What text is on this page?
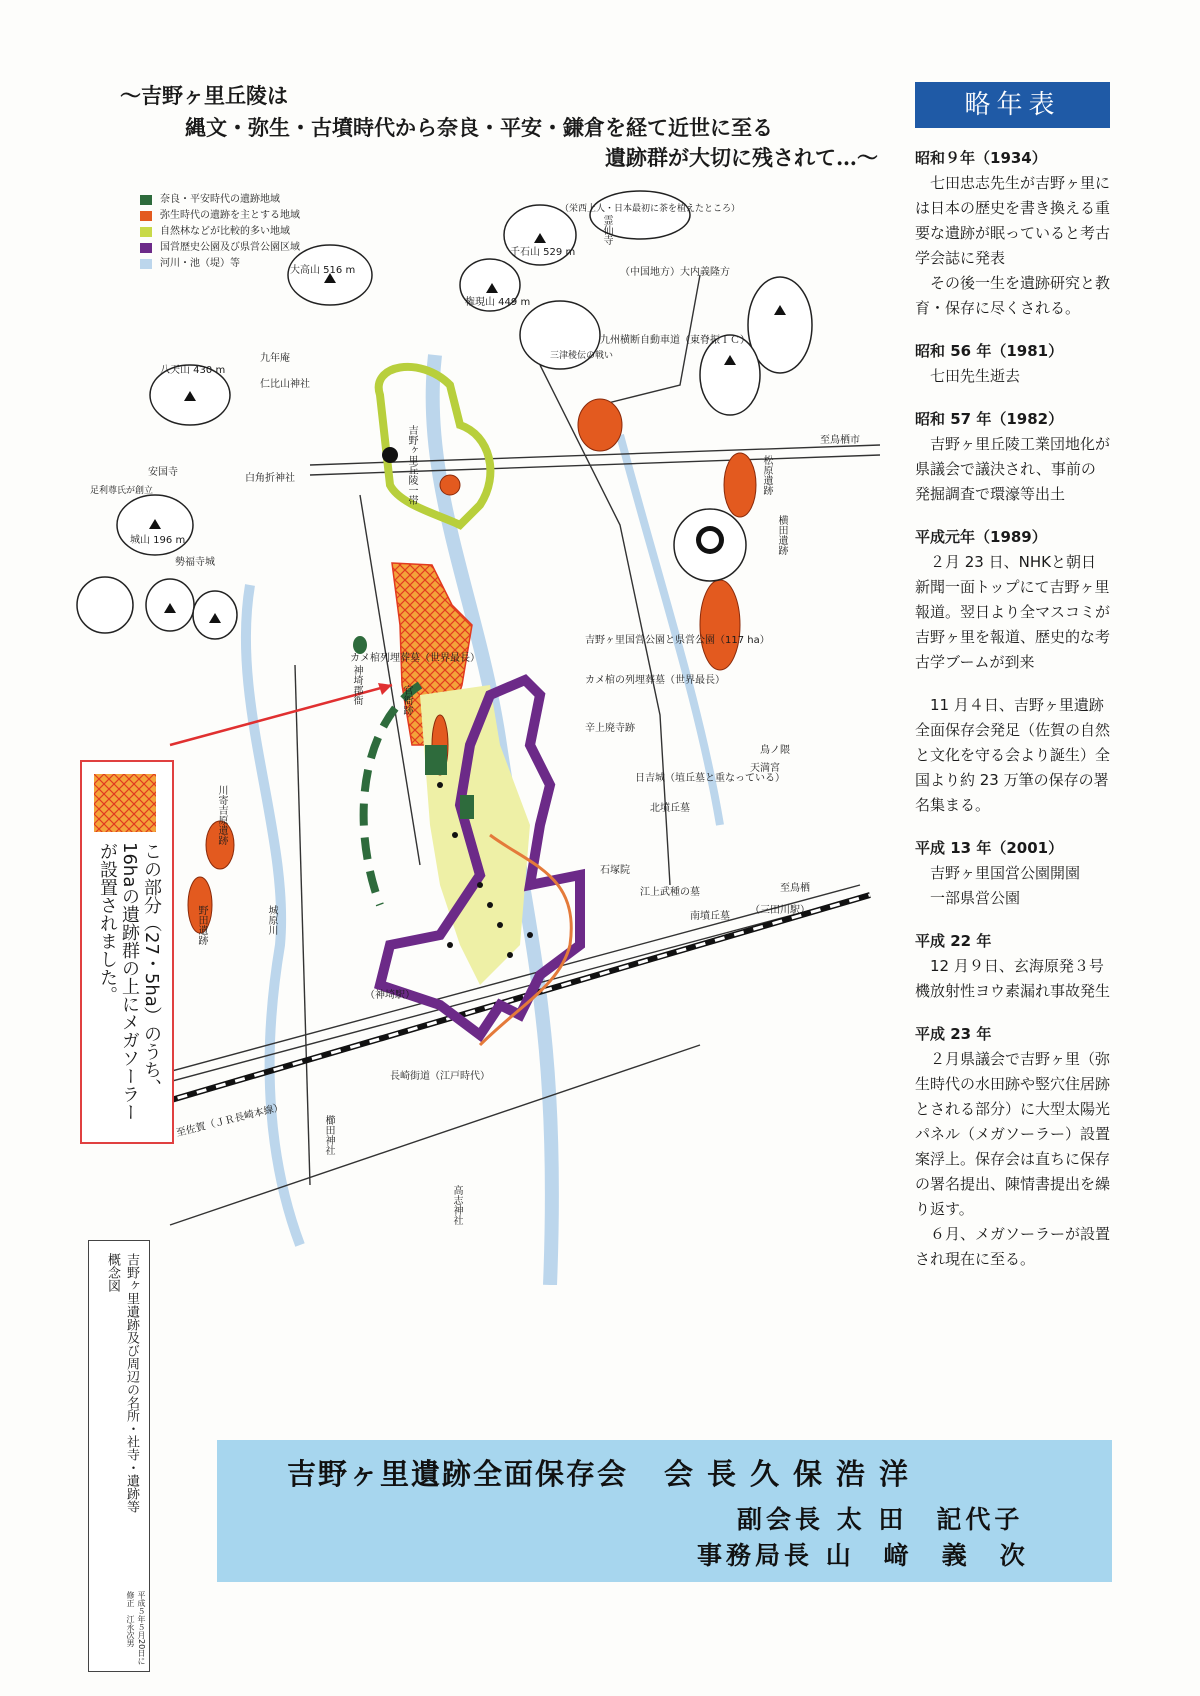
～吉野ヶ里丘陵は
縄文・弥生・古墳時代から奈良・平安・鎌倉を経て近世に至る
遺跡群が大切に残されて…～
大高山 516 m
千石山 529 m
霊仙寺
（栄西上人・日本最初に茶を植えたところ）
権現山 449 m
八天山 430 m
足利尊氏が創立
安国寺
城山 196 m
勢福寺城
九年庵
仁比山神社
白角折神社
九州横断自動車道（東脊振ＩＣ）
（中国地方）大内義隆方
三津稜伝の戦い
至鳥栖市
松原遺跡
横田遺跡
吉野ヶ里国営公園と県営公園（117 ha）
カメ棺列埋葬墓（世界最長）
カメ棺の列埋葬墓（世界最長）
吉野ヶ里丘陵一帯
辛上廃寺跡
日吉城（埴丘墓と重なっている）
北墳丘墓
石塚院
江上武種の墓
南墳丘墓
（三田川駅）
至鳥栖
（神埼駅）
長崎街道（江戸時代）
至佐賀（ＪＲ長崎本線）
高志神社
櫛田神社
城原川
川寄吉原遺跡
野田遺跡
鳥ノ隈
天満宮
神埼郡衙	官衙跡
奈良・平安時代の遺跡地域
弥生時代の遺跡を主とする地域
自然林などが比較的多い地域
国営歴史公園及び県営公園区域
河川・池（堤）等
この部分（27・5ha）のうち、16haの遺跡群の上にメガソーラーが設置されました。
吉野ヶ里遺跡及び周辺の名所・社寺・遺跡等概念図
平成５年５月20日に修正　江永次男
略年表
昭和９年（1934）
七田忠志先生が吉野ヶ里には日本の歴史を書き換える重要な遺跡が眠っていると考古学会誌に発表
その後一生を遺跡研究と教育・保存に尽くされる。
昭和 56 年（1981）
七田先生逝去
昭和 57 年（1982）
吉野ヶ里丘陵工業団地化が県議会で議決され、事前の発掘調査で環濠等出土
平成元年（1989）
２月 23 日、NHKと朝日新聞一面トップにて吉野ヶ里報道。翌日より全マスコミが吉野ヶ里を報道、歴史的な考古学ブームが到来
11 月４日、吉野ヶ里遺跡全面保存会発足（佐賀の自然と文化を守る会より誕生）全国より約 23 万筆の保存の署名集まる。
平成 13 年（2001）
吉野ヶ里国営公園開園
一部県営公園
平成 22 年
12 月９日、玄海原発３号機放射性ヨウ素漏れ事故発生
平成 23 年
２月県議会で吉野ヶ里（弥生時代の水田跡や竪穴住居跡とされる部分）に大型太陽光パネル（メガソーラー）設置案浮上。保存会は直ちに保存の署名提出、陳情書提出を繰り返す。
６月、メガソーラーが設置され現在に至る。
吉野ヶ里遺跡全面保存会 会長久保浩洋
副会長 太 田　記代子
事務局長 山　﨑　義　次
